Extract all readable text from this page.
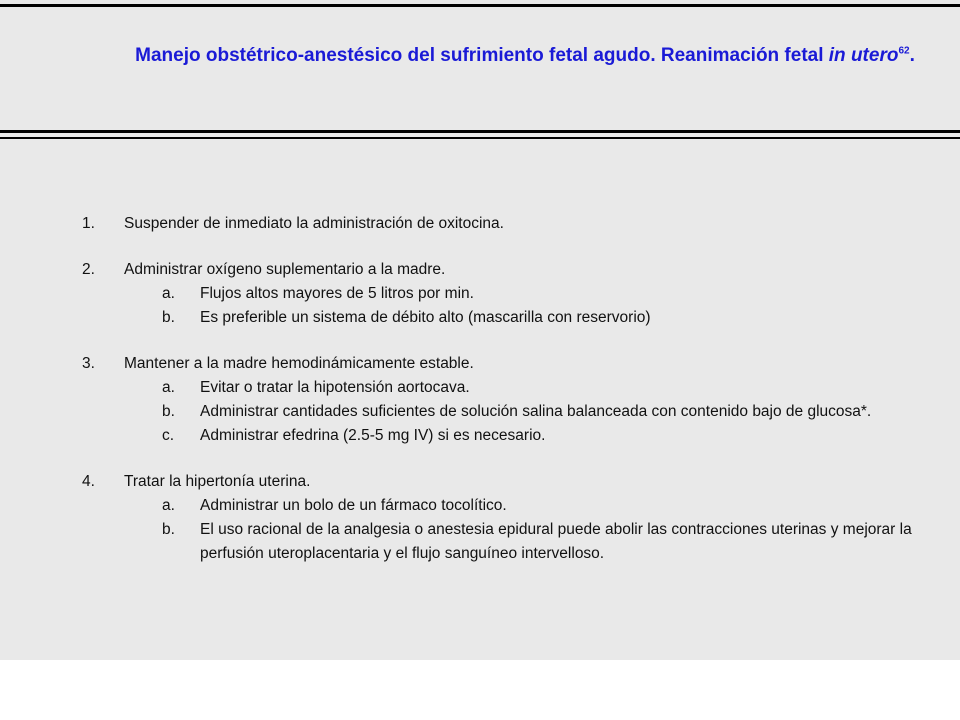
Manejo obstétrico-anestésico del sufrimiento fetal agudo. Reanimación fetal in utero$^{62}$.
1.	Suspender de inmediato la administración de oxitocina.
2.	Administrar oxígeno suplementario a la madre.
a.	Flujos altos mayores de 5 litros por min.
b.	Es preferible un sistema de débito alto (mascarilla con reservorio)
3.	Mantener a la madre hemodinámicamente estable.
a.	Evitar o tratar la hipotensión aortocava.
b.	Administrar cantidades suficientes de solución salina balanceada con contenido bajo de glucosa*.
c.	Administrar efedrina (2.5-5 mg IV) si es necesario.
4.	Tratar la hipertonía uterina.
a.	Administrar un bolo de un fármaco tocolítico.
b.	El uso racional de la analgesia o anestesia epidural puede abolir las contracciones uterinas y mejorar la perfusión uteroplacentaria y el flujo sanguíneo intervelloso.
